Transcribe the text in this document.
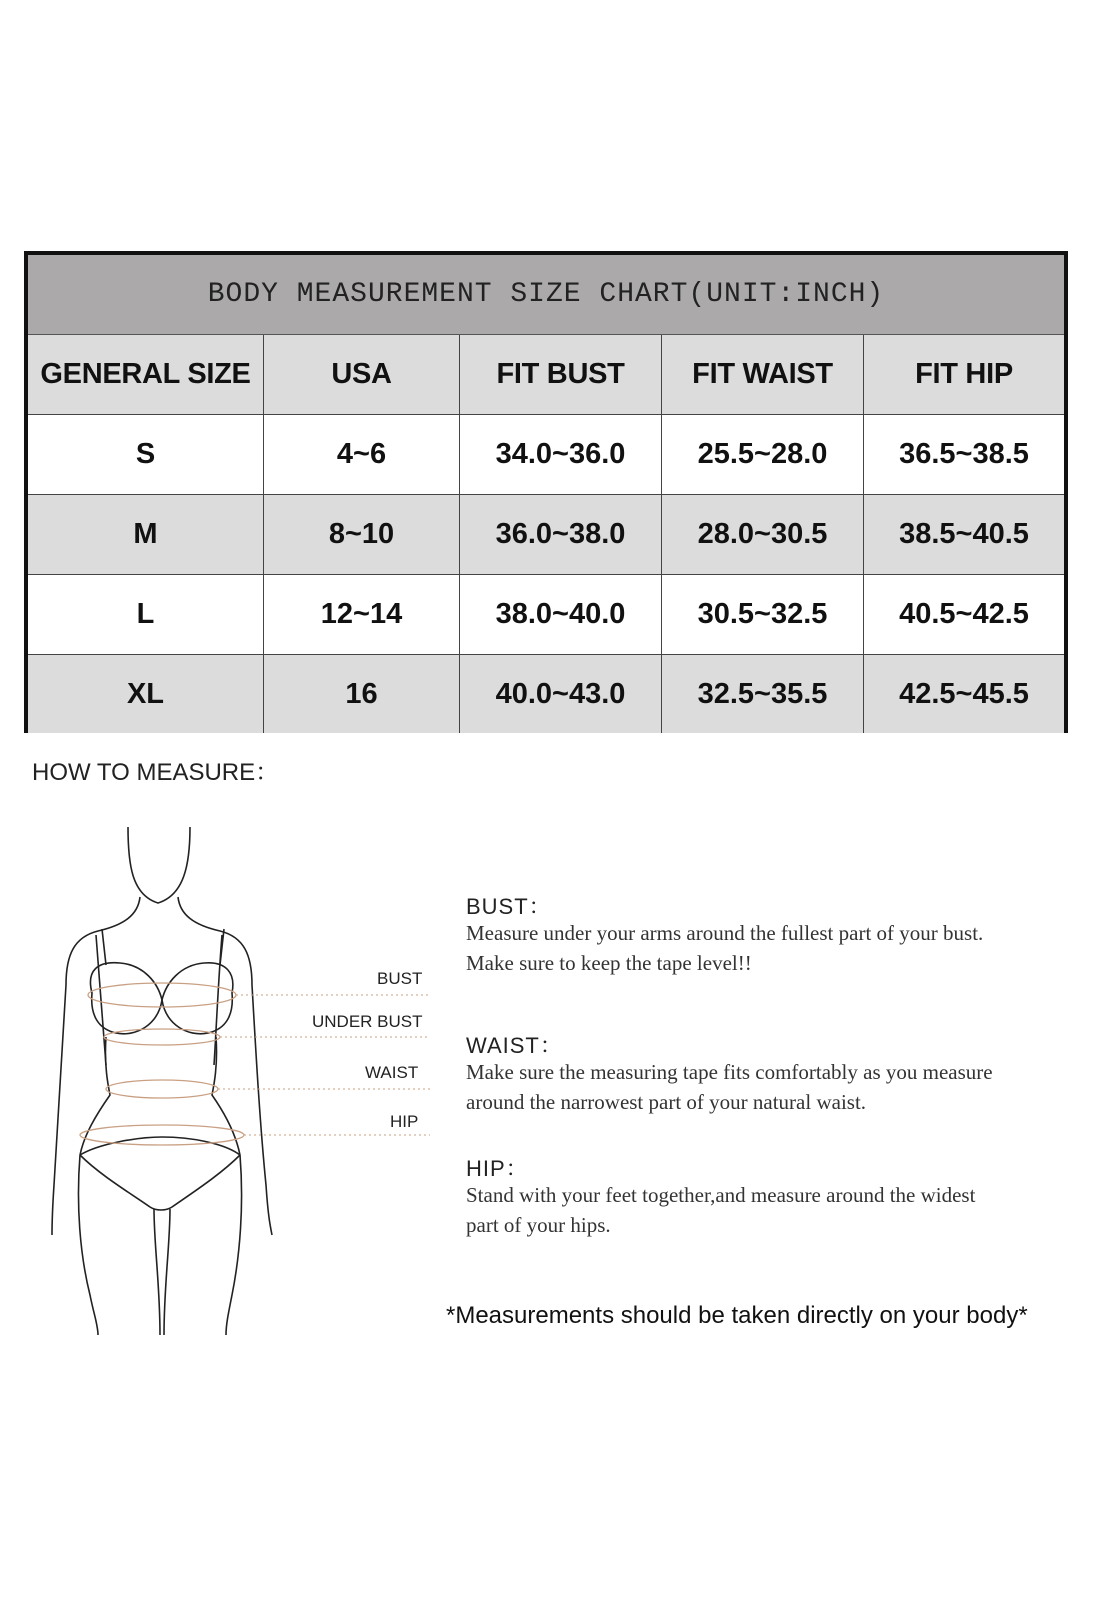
BODY MEASUREMENT SIZE CHART(UNIT:INCH)
GENERAL SIZE	USA	FIT BUST	FIT WAIST	FIT HIP
S	4~6	34.0~36.0	25.5~28.0	36.5~38.5
M	8~10	36.0~38.0	28.0~30.5	38.5~40.5
L	12~14	38.0~40.0	30.5~32.5	40.5~42.5
XL	16	40.0~43.0	32.5~35.5	42.5~45.5
HOW TO MEASURE：
BUST
UNDER BUST
WAIST
HIP
BUST：
Measure under your arms around the fullest part of your bust.
Make sure to keep the tape level!!
WAIST：
Make sure the measuring tape fits comfortably as you measure
around the narrowest part of your natural waist.
HIP：
Stand with your feet together,and measure around the widest
part of your hips.
*Measurements should be taken directly on your body*
